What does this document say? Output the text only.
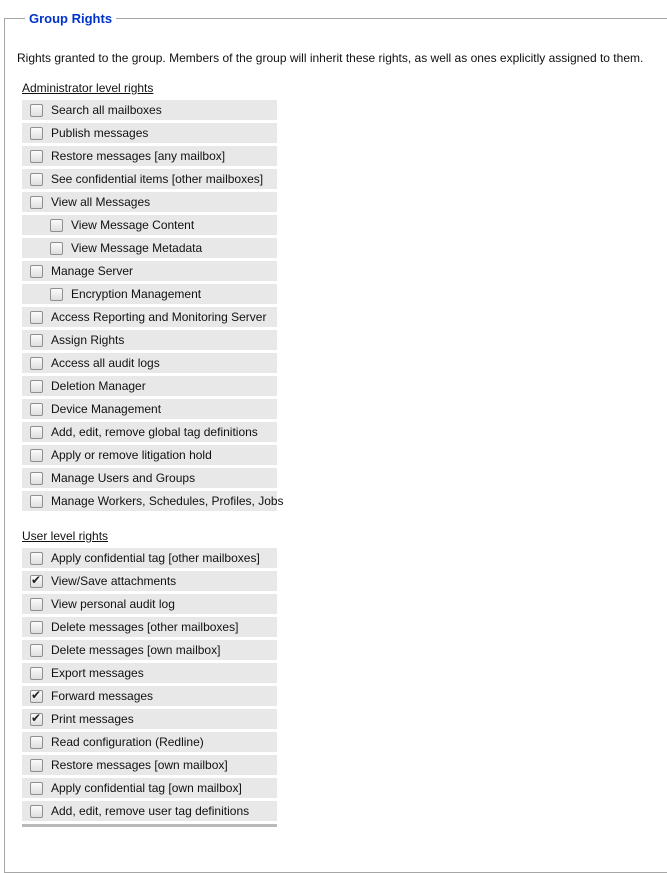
Group Rights
Rights granted to the group. Members of the group will inherit these rights, as well as ones explicitly assigned to them.
Administrator level rights
Search all mailboxes
Publish messages
Restore messages [any mailbox]
See confidential items [other mailboxes]
View all Messages
View Message Content
View Message Metadata
Manage Server
Encryption Management
Access Reporting and Monitoring Server
Assign Rights
Access all audit logs
Deletion Manager
Device Management
Add, edit, remove global tag definitions
Apply or remove litigation hold
Manage Users and Groups
Manage Workers, Schedules, Profiles, Jobs
User level rights
Apply confidential tag [other mailboxes]
✔
View/Save attachments
View personal audit log
Delete messages [other mailboxes]
Delete messages [own mailbox]
Export messages
✔
Forward messages
✔
Print messages
Read configuration (Redline)
Restore messages [own mailbox]
Apply confidential tag [own mailbox]
Add, edit, remove user tag definitions
